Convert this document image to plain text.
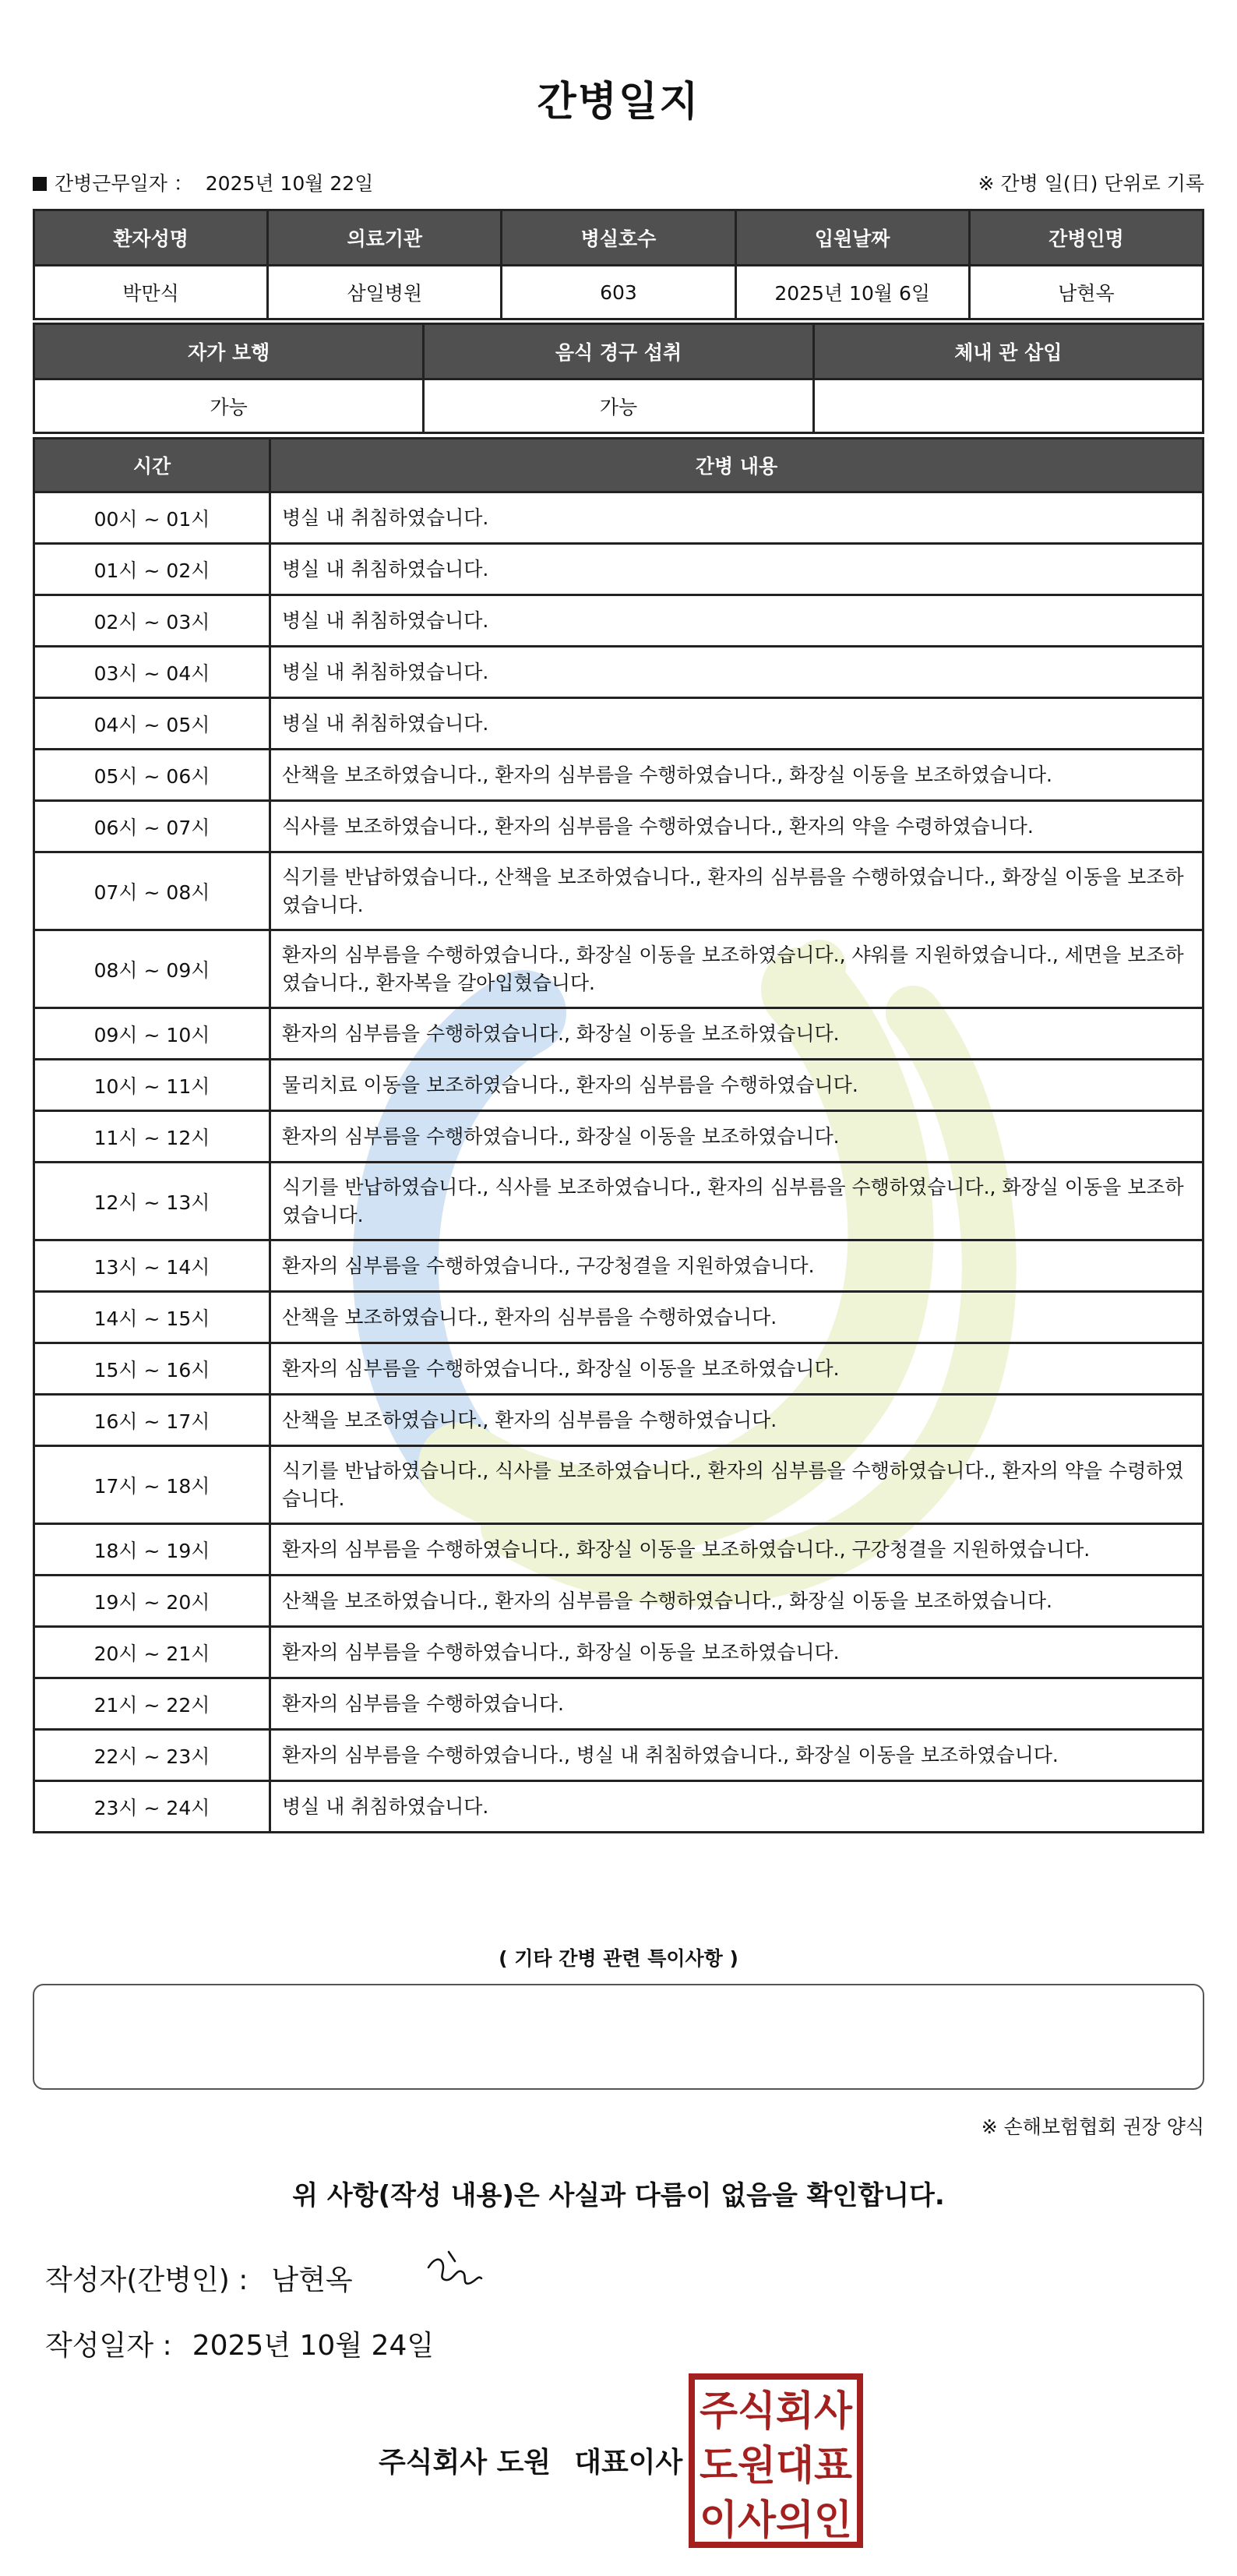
간병일지
간병근무일자 ： 2025년 10월 22일	※ 간병 일(日) 단위로 기록
환자성명	의료기관	병실호수	입원날짜	간병인명
박만식	삼일병원	603	2025년 10월 6일	남현옥
자가 보행	음식 경구 섭취	체내 관 삽입
가능	가능	
시간	간병 내용
00시 ~ 01시	병실 내 취침하였습니다.
01시 ~ 02시	병실 내 취침하였습니다.
02시 ~ 03시	병실 내 취침하였습니다.
03시 ~ 04시	병실 내 취침하였습니다.
04시 ~ 05시	병실 내 취침하였습니다.
05시 ~ 06시	산책을 보조하였습니다., 환자의 심부름을 수행하였습니다., 화장실 이동을 보조하였습니다.
06시 ~ 07시	식사를 보조하였습니다., 환자의 심부름을 수행하였습니다., 환자의 약을 수령하였습니다.
07시 ~ 08시	식기를 반납하였습니다., 산책을 보조하였습니다., 환자의 심부름을 수행하였습니다., 화장실 이동을 보조하였습니다.
08시 ~ 09시	환자의 심부름을 수행하였습니다., 화장실 이동을 보조하였습니다., 샤워를 지원하였습니다., 세면을 보조하였습니다., 환자복을 갈아입혔습니다.
09시 ~ 10시	환자의 심부름을 수행하였습니다., 화장실 이동을 보조하였습니다.
10시 ~ 11시	물리치료 이동을 보조하였습니다., 환자의 심부름을 수행하였습니다.
11시 ~ 12시	환자의 심부름을 수행하였습니다., 화장실 이동을 보조하였습니다.
12시 ~ 13시	식기를 반납하였습니다., 식사를 보조하였습니다., 환자의 심부름을 수행하였습니다., 화장실 이동을 보조하였습니다.
13시 ~ 14시	환자의 심부름을 수행하였습니다., 구강청결을 지원하였습니다.
14시 ~ 15시	산책을 보조하였습니다., 환자의 심부름을 수행하였습니다.
15시 ~ 16시	환자의 심부름을 수행하였습니다., 화장실 이동을 보조하였습니다.
16시 ~ 17시	산책을 보조하였습니다., 환자의 심부름을 수행하였습니다.
17시 ~ 18시	식기를 반납하였습니다., 식사를 보조하였습니다., 환자의 심부름을 수행하였습니다., 환자의 약을 수령하였습니다.
18시 ~ 19시	환자의 심부름을 수행하였습니다., 화장실 이동을 보조하였습니다., 구강청결을 지원하였습니다.
19시 ~ 20시	산책을 보조하였습니다., 환자의 심부름을 수행하였습니다., 화장실 이동을 보조하였습니다.
20시 ~ 21시	환자의 심부름을 수행하였습니다., 화장실 이동을 보조하였습니다.
21시 ~ 22시	환자의 심부름을 수행하였습니다.
22시 ~ 23시	환자의 심부름을 수행하였습니다., 병실 내 취침하였습니다., 화장실 이동을 보조하였습니다.
23시 ~ 24시	병실 내 취침하였습니다.
( 기타 간병 관련 특이사항 )
※ 손해보험협회 권장 양식
위 사항(작성 내용)은 사실과 다름이 없음을 확인합니다.
작성자(간병인) : 남현옥
작성일자 : 2025년 10월 24일
주식회사 도원 대표이사
주식회사
도원대표
이사의인
